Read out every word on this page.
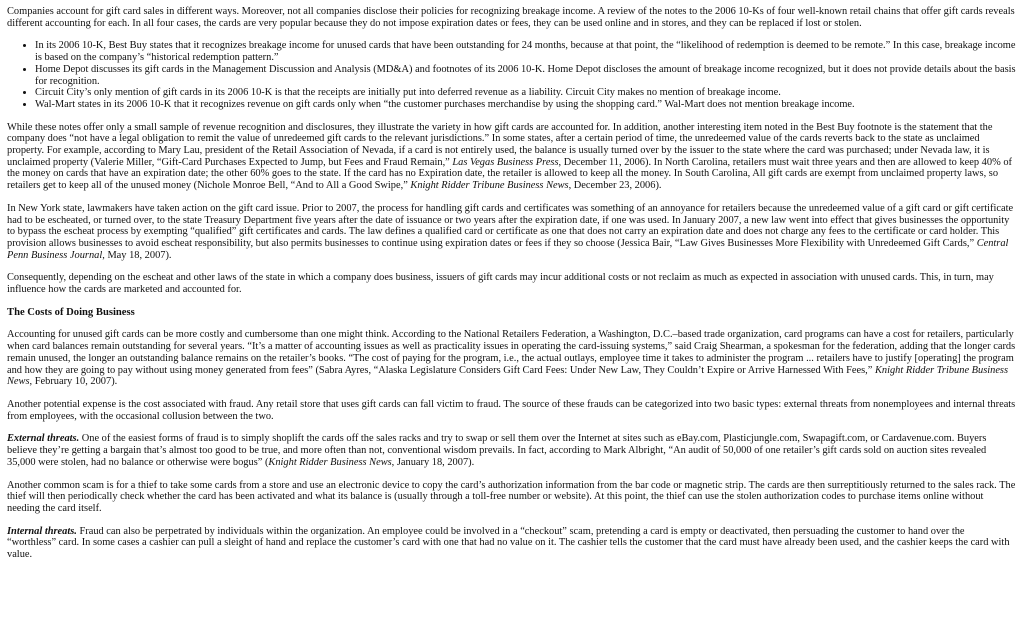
Companies account for gift card sales in different ways. Moreover, not all companies disclose their policies for recognizing breakage income. A review of the notes to the 2006 10-Ks of four well-known retail chains that offer gift cards reveals different accounting for each. In all four cases, the cards are very popular because they do not impose expiration dates or fees, they can be used online and in stores, and they can be replaced if lost or stolen.

• In its 2006 10-K, Best Buy states that it recognizes breakage income for unused cards that have been outstanding for 24 months, because at that point, the “likelihood of redemption is deemed to be remote.” In this case, breakage income is based on the company’s “historical redemption pattern.”
• Home Depot discusses its gift cards in the Management Discussion and Analysis (MD&A) and footnotes of its 2006 10-K. Home Depot discloses the amount of breakage income recognized, but it does not provide details about the basis for recognition.
• Circuit City’s only mention of gift cards in its 2006 10-K is that the receipts are initially put into deferred revenue as a liability. Circuit City makes no mention of breakage income.
• Wal-Mart states in its 2006 10-K that it recognizes revenue on gift cards only when “the customer purchases merchandise by using the shopping card.” Wal-Mart does not mention breakage income.

While these notes offer only a small sample of revenue recognition and disclosures, they illustrate the variety in how gift cards are accounted for. In addition, another interesting item noted in the Best Buy footnote is the statement that the company does “not have a legal obligation to remit the value of unredeemed gift cards to the relevant jurisdictions.” In some states, after a certain period of time, the unredeemed value of the cards reverts back to the state as unclaimed property. For example, according to Mary Lau, president of the Retail Association of Nevada, if a card is not entirely used, the balance is usually turned over by the issuer to the state where the card was purchased; under Nevada law, it is unclaimed property (Valerie Miller, “Gift-Card Purchases Expected to Jump, but Fees and Fraud Remain,” Las Vegas Business Press, December 11, 2006). In North Carolina, retailers must wait three years and then are allowed to keep 40% of the money on cards that have an expiration date; the other 60% goes to the state. If the card has no Expiration date, the retailer is allowed to keep all the money. In South Carolina, All gift cards are exempt from unclaimed property laws, so retailers get to keep all of the unused money (Nichole Monroe Bell, “And to All a Good Swipe,” Knight Ridder Tribune Business News, December 23, 2006).

In New York state, lawmakers have taken action on the gift card issue. Prior to 2007, the process for handling gift cards and certificates was something of an annoyance for retailers because the unredeemed value of a gift card or gift certificate had to be escheated, or turned over, to the state Treasury Department five years after the date of issuance or two years after the expiration date, if one was used. In January 2007, a new law went into effect that gives businesses the opportunity to bypass the escheat process by exempting “qualified” gift certificates and cards. The law defines a qualified card or certificate as one that does not carry an expiration date and does not charge any fees to the certificate or card holder. This provision allows businesses to avoid escheat responsibility, but also permits businesses to continue using expiration dates or fees if they so choose (Jessica Bair, “Law Gives Businesses More Flexibility with Unredeemed Gift Cards,” Central Penn Business Journal, May 18, 2007).

Consequently, depending on the escheat and other laws of the state in which a company does business, issuers of gift cards may incur additional costs or not reclaim as much as expected in association with unused cards. This, in turn, may influence how the cards are marketed and accounted for.

The Costs of Doing Business

Accounting for unused gift cards can be more costly and cumbersome than one might think. According to the National Retailers Federation, a Washington, D.C.–based trade organization, card programs can have a cost for retailers, particularly when card balances remain outstanding for several years. “It’s a matter of accounting issues as well as practicality issues in operating the card-issuing systems,” said Craig Shearman, a spokesman for the federation, adding that the longer cards remain unused, the longer an outstanding balance remains on the retailer’s books. “The cost of paying for the program, i.e., the actual outlays, employee time it takes to administer the program ... retailers have to justify [operating] the program and how they are going to pay without using money generated from fees” (Sabra Ayres, “Alaska Legislature Considers Gift Card Fees: Under New Law, They Couldn’t Expire or Arrive Harnessed With Fees,” Knight Ridder Tribune Business News, February 10, 2007).

Another potential expense is the cost associated with fraud. Any retail store that uses gift cards can fall victim to fraud. The source of these frauds can be categorized into two basic types: external threats from nonemployees and internal threats from employees, with the occasional collusion between the two.

External threats. One of the easiest forms of fraud is to simply shoplift the cards off the sales racks and try to swap or sell them over the Internet at sites such as eBay.com, Plasticjungle.com, Swapagift.com, or Cardavenue.com. Buyers believe they’re getting a bargain that’s almost too good to be true, and more often than not, conventional wisdom prevails. In fact, according to Mark Albright, “An audit of 50,000 of one retailer’s gift cards sold on auction sites revealed 35,000 were stolen, had no balance or otherwise were bogus” (Knight Ridder Business News, January 18, 2007).

Another common scam is for a thief to take some cards from a store and use an electronic device to copy the card’s authorization information from the bar code or magnetic strip. The cards are then surreptitiously returned to the sales rack. The thief will then periodically check whether the card has been activated and what its balance is (usually through a toll-free number or website). At this point, the thief can use the stolen authorization codes to purchase items online without needing the card itself.

Internal threats. Fraud can also be perpetrated by individuals within the organization. An employee could be involved in a “checkout” scam, pretending a card is empty or deactivated, then persuading the customer to hand over the “worthless” card. In some cases a cashier can pull a sleight of hand and replace the customer’s card with one that had no value on it. The cashier tells the customer that the card must have already been used, and the cashier keeps the card with value.
